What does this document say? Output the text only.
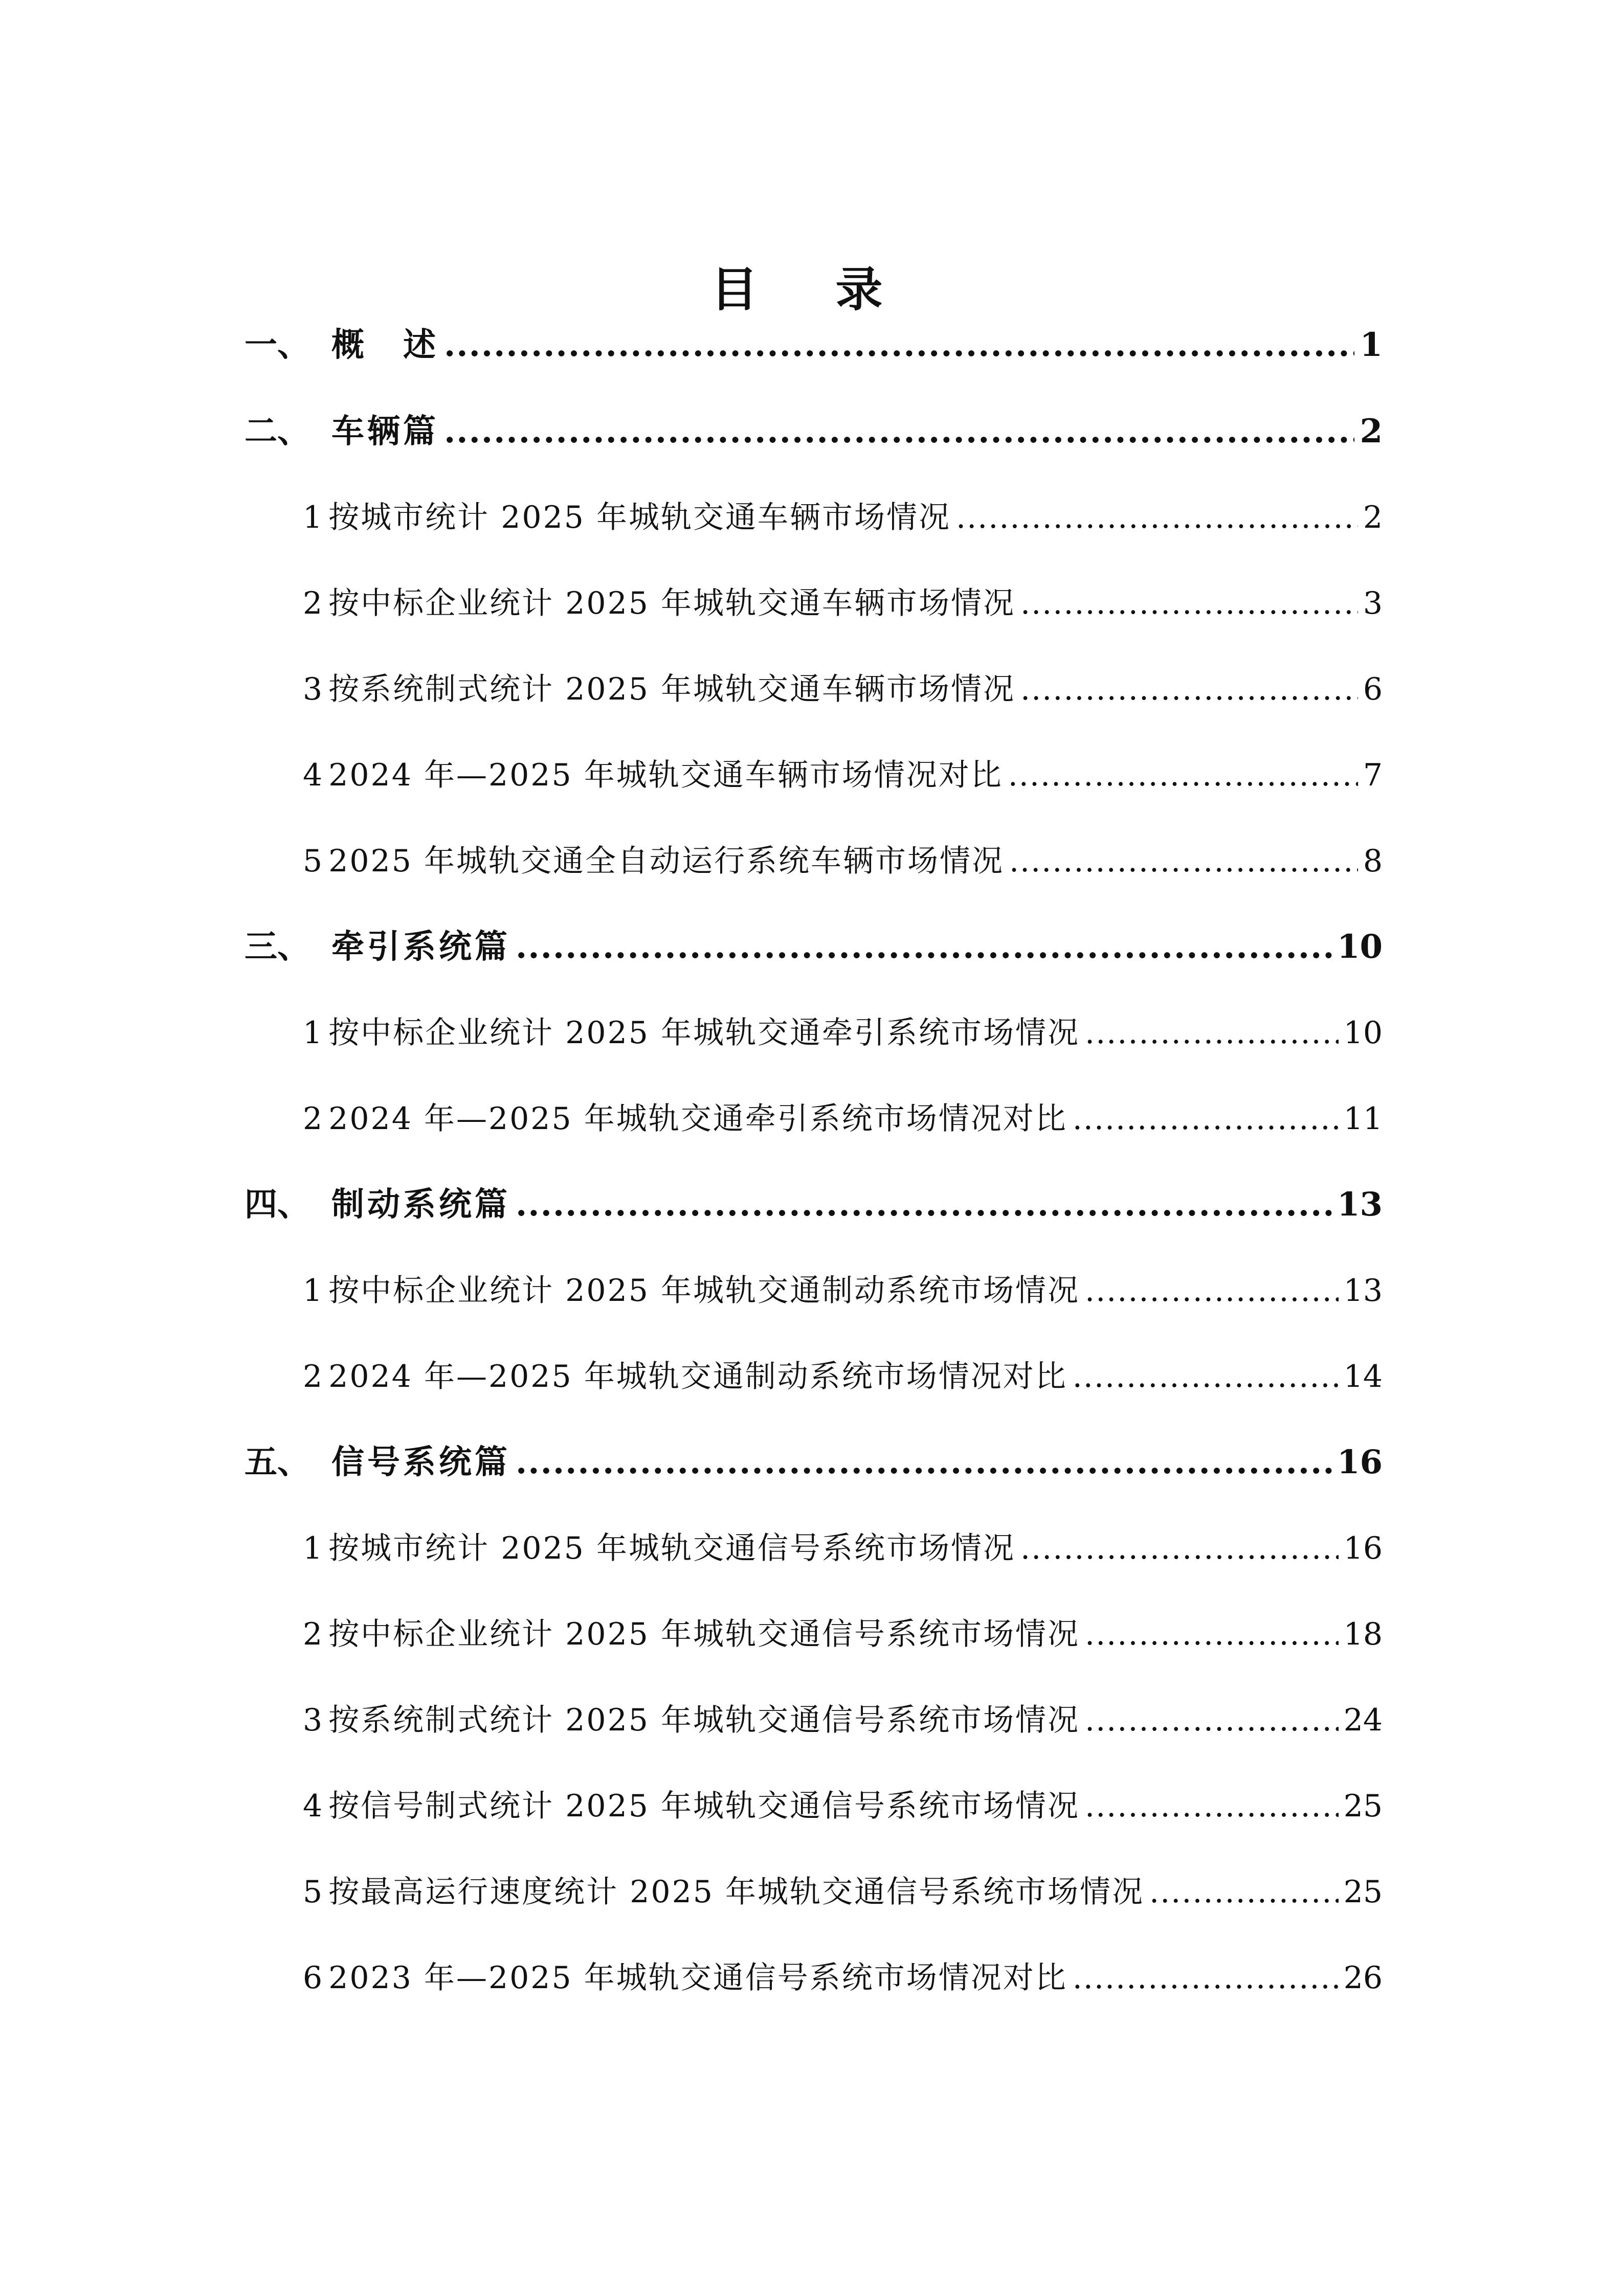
目 录
一、 概　述 .....	1
二、 车辆篇 .....	2
1 按城市统计 2025 年城轨交通车辆市场情况 .....	2
2 按中标企业统计 2025 年城轨交通车辆市场情况 .....	3
3 按系统制式统计 2025 年城轨交通车辆市场情况 .....	6
4 2024 年—2025 年城轨交通车辆市场情况对比 .....	7
5 2025 年城轨交通全自动运行系统车辆市场情况 .....	8
三、 牵引系统篇 .....	10
1 按中标企业统计 2025 年城轨交通牵引系统市场情况 .....	10
2 2024 年—2025 年城轨交通牵引系统市场情况对比 .....	11
四、 制动系统篇 .....	13
1 按中标企业统计 2025 年城轨交通制动系统市场情况 .....	13
2 2024 年—2025 年城轨交通制动系统市场情况对比 .....	14
五、 信号系统篇 .....	16
1 按城市统计 2025 年城轨交通信号系统市场情况 .....	16
2 按中标企业统计 2025 年城轨交通信号系统市场情况 .....	18
3 按系统制式统计 2025 年城轨交通信号系统市场情况 .....	24
4 按信号制式统计 2025 年城轨交通信号系统市场情况 .....	25
5 按最高运行速度统计 2025 年城轨交通信号系统市场情况 .....	25
6 2023 年—2025 年城轨交通信号系统市场情况对比 .....	26
